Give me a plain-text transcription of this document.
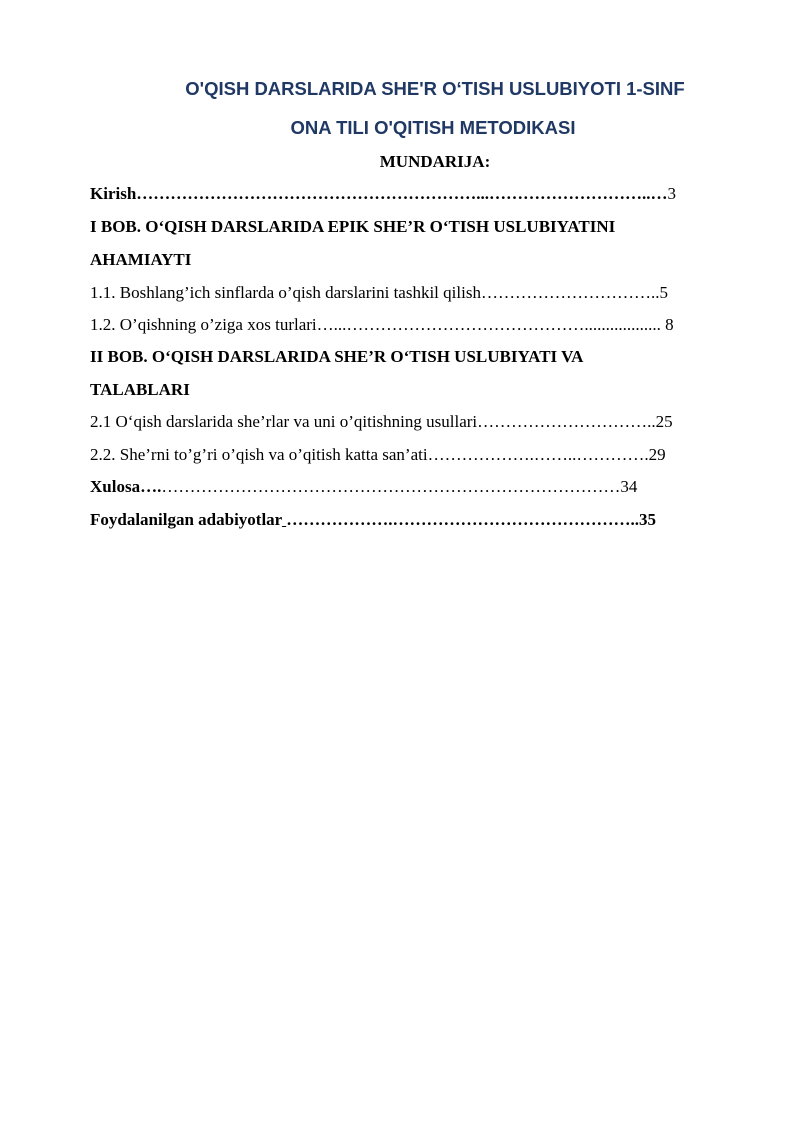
O'QISH DARSLARIDA SHE'R O‘TISH USLUBIYOTI 1-SINF
ONA TILI O'QITISH METODIKASI
MUNDARIJA:
Kirish……………………………………………………...………………………..…3
I BOB. O‘QISH DARSLARIDA EPIK SHE’R O‘TISH USLUBIYATINI
AHAMIAYTI
1.1. Boshlang’ich sinflarda o’qish darslarini tashkil qilish…………………………..5
1.2. O’qishning o’ziga xos turlari…...…………………………………….................. 8
II BOB. O‘QISH DARSLARIDA SHE’R O‘TISH USLUBIYATI VA
TALABLARI
2.1 O‘qish darslarida she’rlar va uni o’qitishning usullari…………………………..25
2.2. She’rni to’g’ri o’qish va o’qitish katta san’ati……………….……..………….29
Xulosa….………………………………………………………………………34
Foydalanilgan adabiyotlar ……………….……………………………………..35
